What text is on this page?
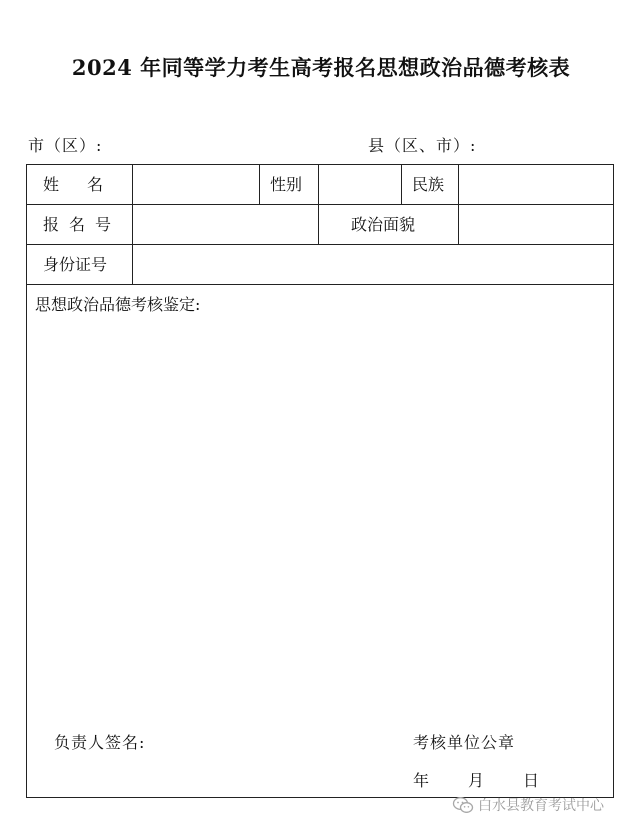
2024 年同等学力考生高考报名思想政治品德考核表
市（区）:	县（区、市）:
姓名	性别	民族
报名号	政治面貌
身份证号
思想政治品德考核鉴定:
负责人签名:	考核单位公章
年 月 日
白水县教育考试中心
